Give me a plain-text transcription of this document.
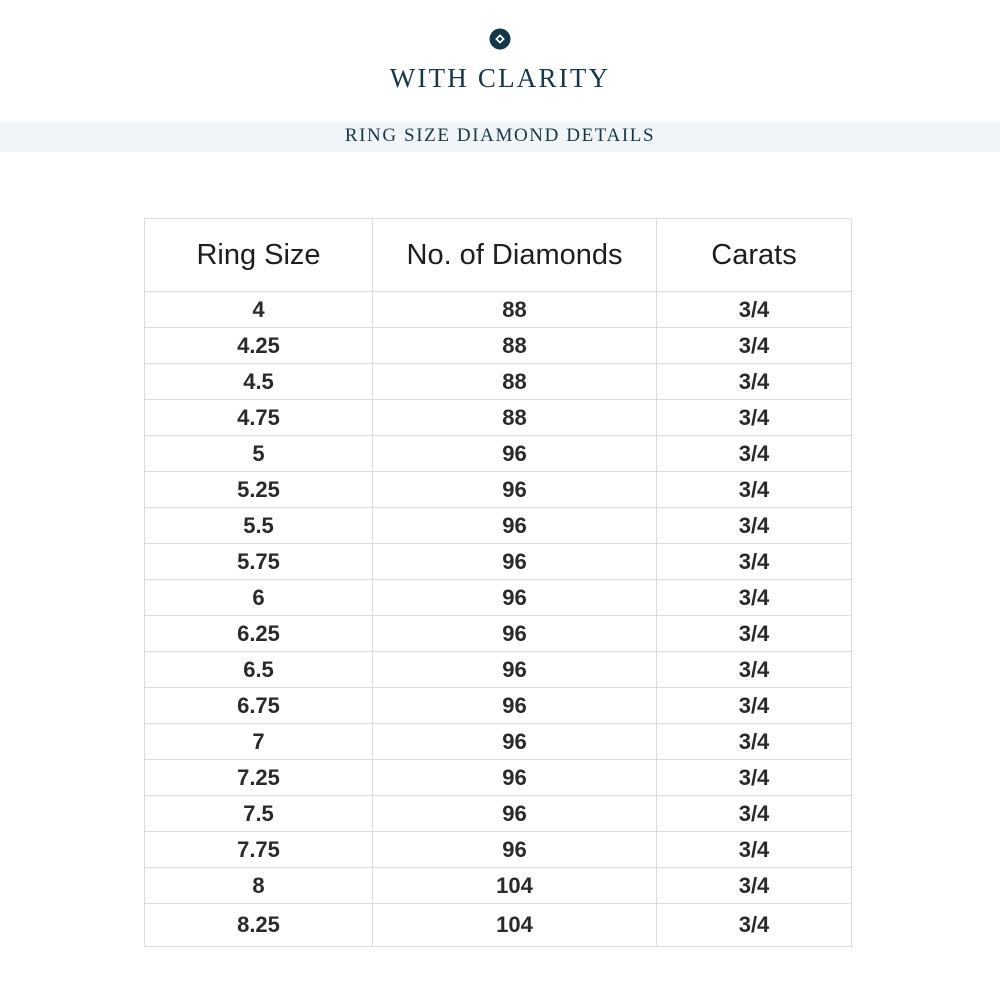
WITH CLARITY
RING SIZE DIAMOND DETAILS
Ring Size	No. of Diamonds	Carats
4	88	3/4
4.25	88	3/4
4.5	88	3/4
4.75	88	3/4
5	96	3/4
5.25	96	3/4
5.5	96	3/4
5.75	96	3/4
6	96	3/4
6.25	96	3/4
6.5	96	3/4
6.75	96	3/4
7	96	3/4
7.25	96	3/4
7.5	96	3/4
7.75	96	3/4
8	104	3/4
8.25	104	3/4
